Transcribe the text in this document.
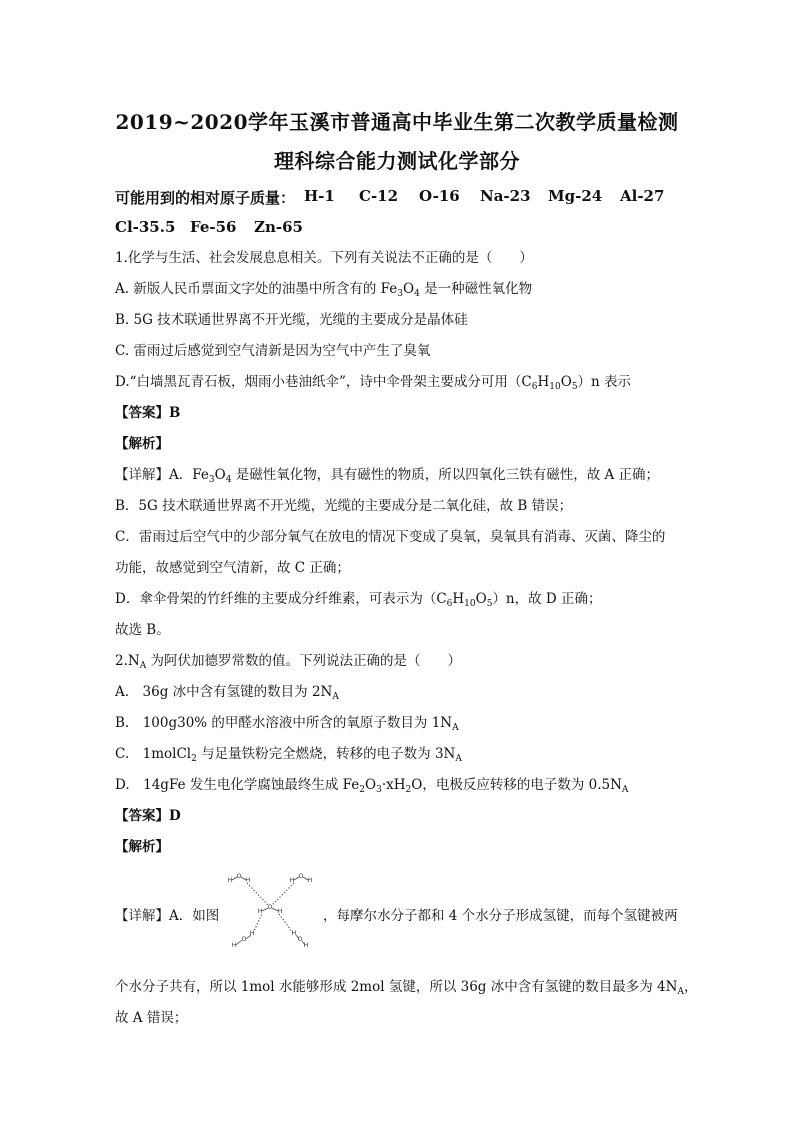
2019~2020学年玉溪市普通高中毕业生第二次教学质量检测
理科综合能力测试化学部分
可能用到的相对原子质量： H-1 C-12 O-16 Na-23 Mg-24 Al-27
Cl-35.5 Fe-56 Zn-65
1.化学与生活、社会发展息息相关。下列有关说法不正确的是（　　）
A. 新版人民币票面文字处的油墨中所含有的 $Fe_3O_4$ 是一种磁性氧化物
B. 5G 技术联通世界离不开光缆，光缆的主要成分是晶体硅
C. 雷雨过后感觉到空气清新是因为空气中产生了臭氧
D.“白墙黑瓦青石板，烟雨小巷油纸伞”，诗中伞骨架主要成分可用$(C_6H_{10}O_5)n$ 表示
【答案】B
【解析】
【详解】A．$Fe_3O_4$ 是磁性氧化物，具有磁性的物质，所以四氧化三铁有磁性，故 A 正确；
B．5G 技术联通世界离不开光缆，光缆的主要成分是二氧化硅，故 B 错误；
C．雷雨过后空气中的少部分氧气在放电的情况下变成了臭氧，臭氧具有消毒、灭菌、降尘的
功能，故感觉到空气清新，故 C 正确；
D．傘伞骨架的竹纤维的主要成分纤维素，可表示为$(C_6H_{10}O_5)n$，故 D 正确；
故选 B。
$2.N_A$ 为阿伏加德罗常数的值。下列说法正确的是（　　）
A.　36g 冰中含有氢键的数目为 $2N_A$
B.　100g30% 的甲醛水溶液中所含的氧原子数目为 $1N_A$
C.　1molCl$_2$ 与足量铁粉完全燃烧，转移的电子数为 $3N_A$
D.　14gFe 发生电化学腐蚀最终生成 $Fe_2O_3\cdot xH_2O$，电极反应转移的电子数为 $0.5N_A$
【答案】D
【解析】
【详解】A．如图	，每摩尔水分子都和 4 个水分子形成氢键，而每个氢键被两
H
O
H	H
O
H
H
O
H
H
O
H	H
H
O
个水分子共有，所以 1mol 水能够形成 2mol 氢键，所以 36g 冰中含有氢键的数目最多为 $4N_A$，
故 A 错误；
